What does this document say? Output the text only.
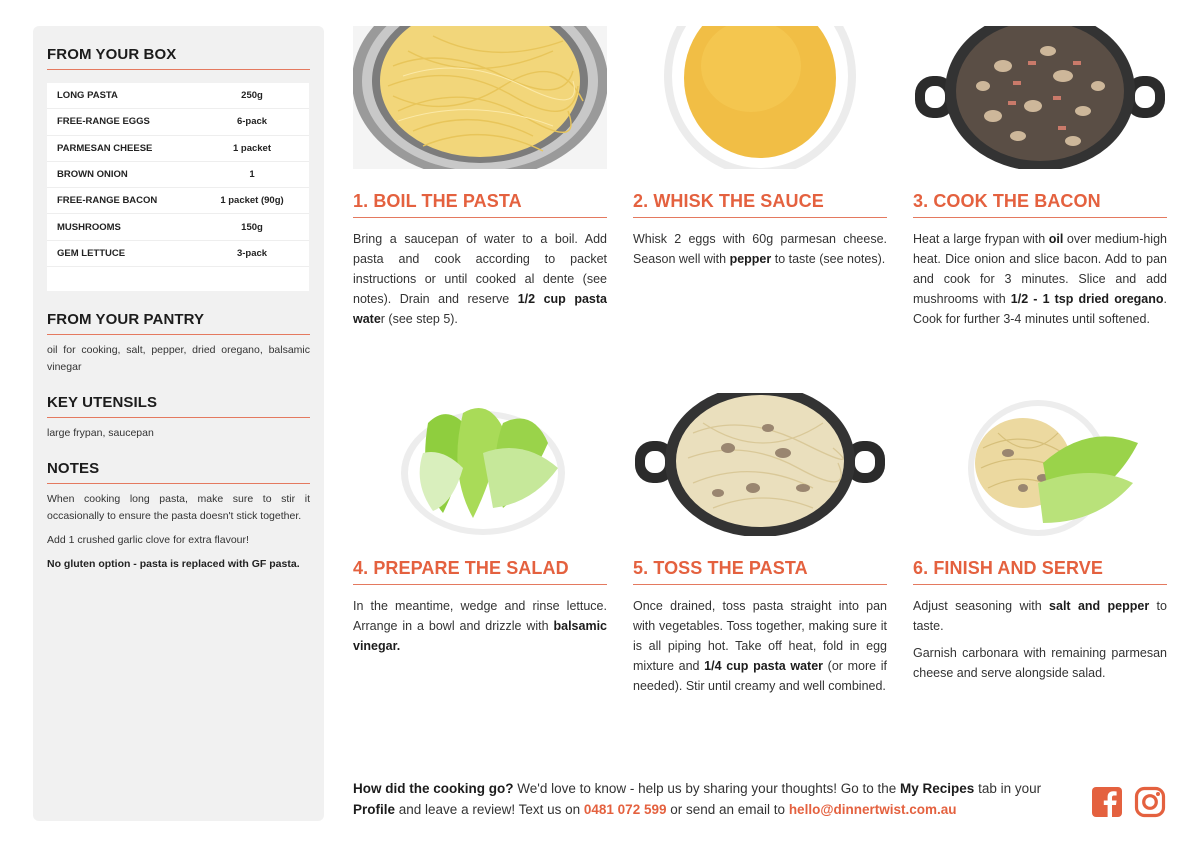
FROM YOUR BOX
LONG PASTA	250g
FREE-RANGE EGGS	6-pack
PARMESAN CHEESE	1 packet
BROWN ONION	1
FREE-RANGE BACON	1 packet (90g)
MUSHROOMS	150g
GEM LETTUCE	3-pack
FROM YOUR PANTRY
oil for cooking, salt, pepper, dried oregano, balsamic vinegar
KEY UTENSILS
large frypan, saucepan
NOTES
When cooking long pasta, make sure to stir it occasionally to ensure the pasta doesn't stick together.
Add 1 crushed garlic clove for extra flavour!
No gluten option - pasta is replaced with GF pasta.
1. BOIL THE PASTA
Bring a saucepan of water to a boil. Add pasta and cook according to packet instructions or until cooked al dente (see notes). Drain and reserve 1/2 cup pasta water (see step 5).
2. WHISK THE SAUCE
Whisk 2 eggs with 60g parmesan cheese. Season well with pepper to taste (see notes).
3. COOK THE BACON
Heat a large frypan with oil over medium-high heat. Dice onion and slice bacon. Add to pan and cook for 3 minutes. Slice and add mushrooms with 1/2 - 1 tsp dried oregano. Cook for further 3-4 minutes until softened.
4. PREPARE THE SALAD
In the meantime, wedge and rinse lettuce. Arrange in a bowl and drizzle with balsamic vinegar.
5. TOSS THE PASTA
Once drained, toss pasta straight into pan with vegetables. Toss together, making sure it is all piping hot. Take off heat, fold in egg mixture and 1/4 cup pasta water (or more if needed). Stir until creamy and well combined.
6. FINISH AND SERVE
Adjust seasoning with salt and pepper to taste.
Garnish carbonara with remaining parmesan cheese and serve alongside salad.
How did the cooking go? We'd love to know - help us by sharing your thoughts! Go to the My Recipes tab in your Profile and leave a review! Text us on 0481 072 599 or send an email to hello@dinnertwist.com.au
